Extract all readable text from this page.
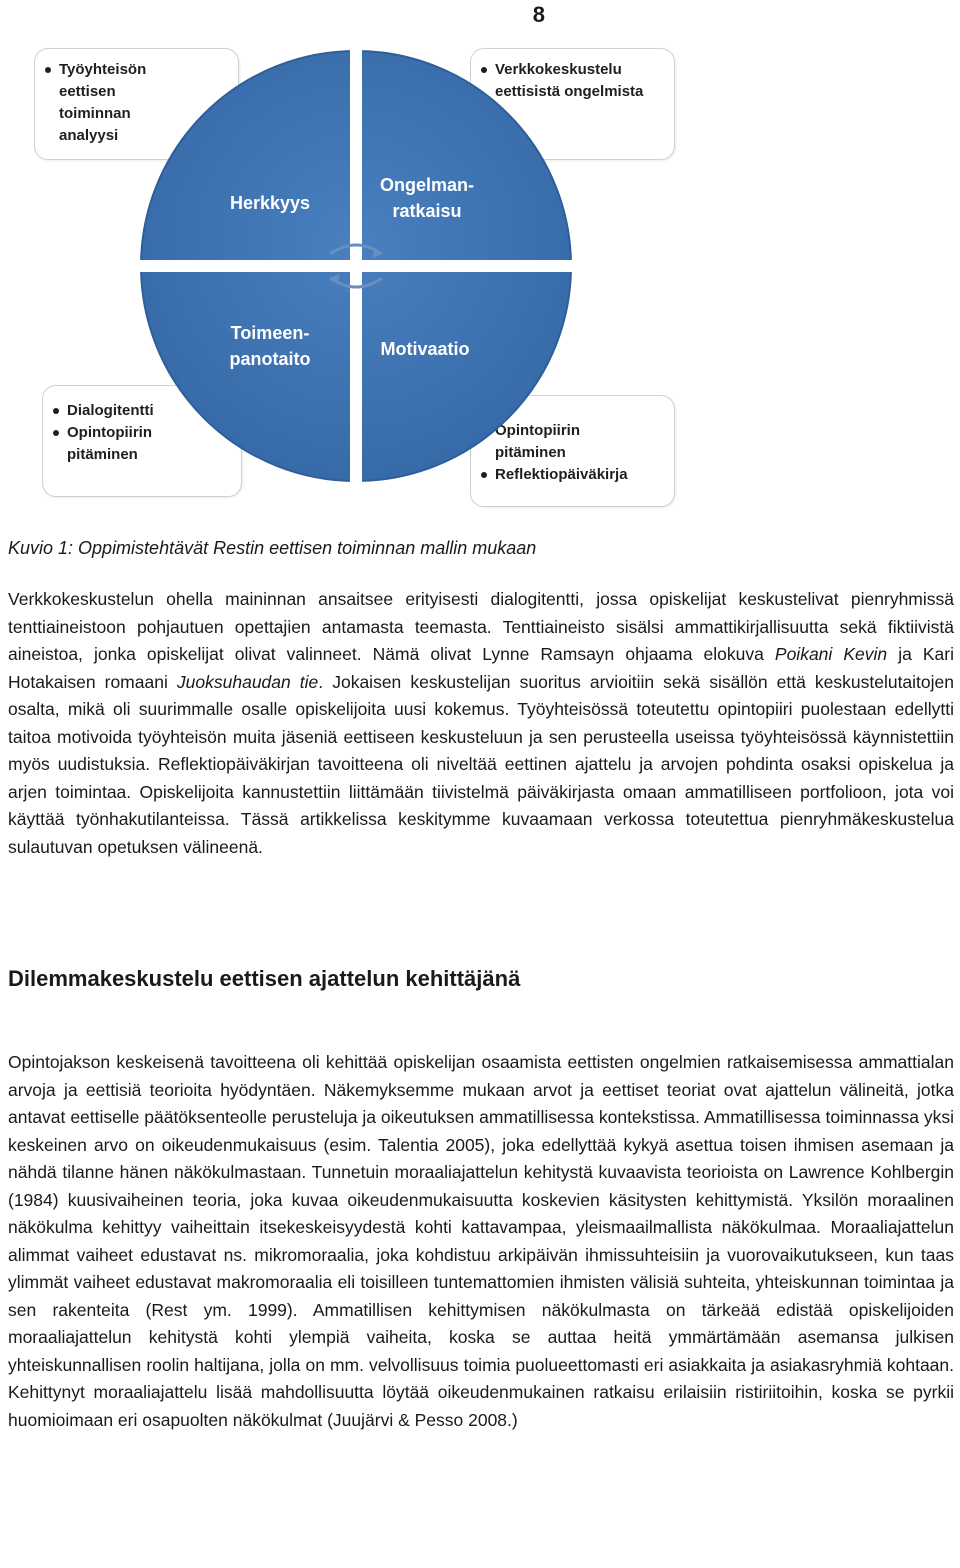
8
Työyhteisön eettisen toiminnan analyysi
Verkkokeskustelu eettisistä ongelmista
Dialogitentti
Opintopiirin pitäminen
Opintopiirin pitäminen
Reflektiopäiväkirja
Herkkyys
Ongelman-
ratkaisu
Toimeen-
panotaito	Motivaatio
Kuvio 1: Oppimistehtävät Restin eettisen toiminnan mallin mukaan

Verkkokeskustelun ohella maininnan ansaitsee erityisesti dialogitentti, jossa opiskelijat keskustelivat pienryhmissä tenttiaineistoon pohjautuen opettajien antamasta teemasta. Tenttiaineisto sisälsi ammattikirjallisuutta sekä fiktiivistä aineistoa, jonka opiskelijat olivat valinneet. Nämä olivat Lynne Ramsayn ohjaama elokuva Poikani Kevin ja Kari Hotakaisen romaani Juoksuhaudan tie. Jokaisen keskustelijan suoritus arvioitiin sekä sisällön että keskustelutaitojen osalta, mikä oli suurimmalle osalle opiskelijoita uusi kokemus. Työyhteisössä toteutettu opintopiiri puolestaan edellytti taitoa motivoida työyhteisön muita jäseniä eettiseen keskusteluun ja sen perusteella useissa työyhteisössä käynnistettiin myös uudistuksia. Reflektiopäiväkirjan tavoitteena oli niveltää eettinen ajattelu ja arvojen pohdinta osaksi opiskelua ja arjen toimintaa. Opiskelijoita kannustettiin liittämään tiivistelmä päiväkirjasta omaan ammatilliseen portfolioon, jota voi käyttää työnhakutilanteissa. Tässä artikkelissa keskitymme kuvaamaan verkossa toteutettua pienryhmäkeskustelua sulautuvan opetuksen välineenä.

Dilemmakeskustelu eettisen ajattelun kehittäjänä

Opintojakson keskeisenä tavoitteena oli kehittää opiskelijan osaamista eettisten ongelmien ratkaisemisessa ammattialan arvoja ja eettisiä teorioita hyödyntäen. Näkemyksemme mukaan arvot ja eettiset teoriat ovat ajattelun välineitä, jotka antavat eettiselle päätöksenteolle perusteluja ja oikeutuksen ammatillisessa kontekstissa. Ammatillisessa toiminnassa yksi keskeinen arvo on oikeudenmukaisuus (esim. Talentia 2005), joka edellyttää kykyä asettua toisen ihmisen asemaan ja nähdä tilanne hänen näkökulmastaan. Tunnetuin moraaliajattelun kehitystä kuvaavista teorioista on Lawrence Kohlbergin (1984) kuusivaiheinen teoria, joka kuvaa oikeudenmukaisuutta koskevien käsitysten kehittymistä. Yksilön moraalinen näkökulma kehittyy vaiheittain itsekeskeisyydestä kohti kattavampaa, yleismaailmallista näkökulmaa. Moraaliajattelun alimmat vaiheet edustavat ns. mikromoraalia, joka kohdistuu arkipäivän ihmissuhteisiin ja vuorovaikutukseen, kun taas ylimmät vaiheet edustavat makromoraalia eli toisilleen tuntemattomien ihmisten välisiä suhteita, yhteiskunnan toimintaa ja sen rakenteita (Rest ym. 1999). Ammatillisen kehittymisen näkökulmasta on tärkeää edistää opiskelijoiden moraaliajattelun kehitystä kohti ylempiä vaiheita, koska se auttaa heitä ymmärtämään asemansa julkisen yhteiskunnallisen roolin haltijana, jolla on mm. velvollisuus toimia puolueettomasti eri asiakkaita ja asiakasryhmiä kohtaan. Kehittynyt moraaliajattelu lisää mahdollisuutta löytää oikeudenmukainen ratkaisu erilaisiin ristiriitoihin, koska se pyrkii huomioimaan eri osapuolten näkökulmat (Juujärvi & Pesso 2008.)
